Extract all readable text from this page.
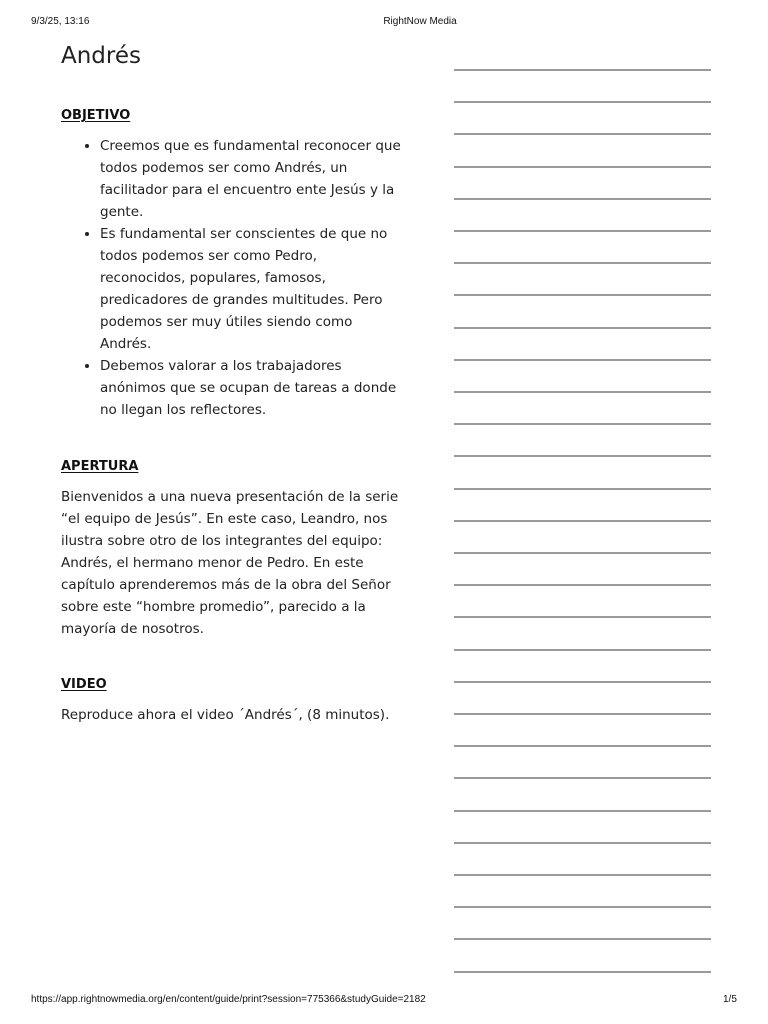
9/3/25, 13:16	RightNow Media
Andrés
OBJETIVO
• Creemos que es fundamental reconocer que todos podemos ser como Andrés, un facilitador para el encuentro ente Jesús y la gente.
• Es fundamental ser conscientes de que no todos podemos ser como Pedro, reconocidos, populares, famosos, predicadores de grandes multitudes. Pero podemos ser muy útiles siendo como Andrés.
• Debemos valorar a los trabajadores anónimos que se ocupan de tareas a donde no llegan los reflectores.
APERTURA

Bienvenidos a una nueva presentación de la serie “el equipo de Jesús”. En este caso, Leandro, nos ilustra sobre otro de los integrantes del equipo: Andrés, el hermano menor de Pedro. En este capítulo aprenderemos más de la obra del Señor sobre este “hombre promedio”, parecido a la mayoría de nosotros.

VIDEO

Reproduce ahora el video ´Andrés´, (8 minutos).

https://app.rightnowmedia.org/en/content/guide/print?session=775366&studyGuide=2182	1/5
